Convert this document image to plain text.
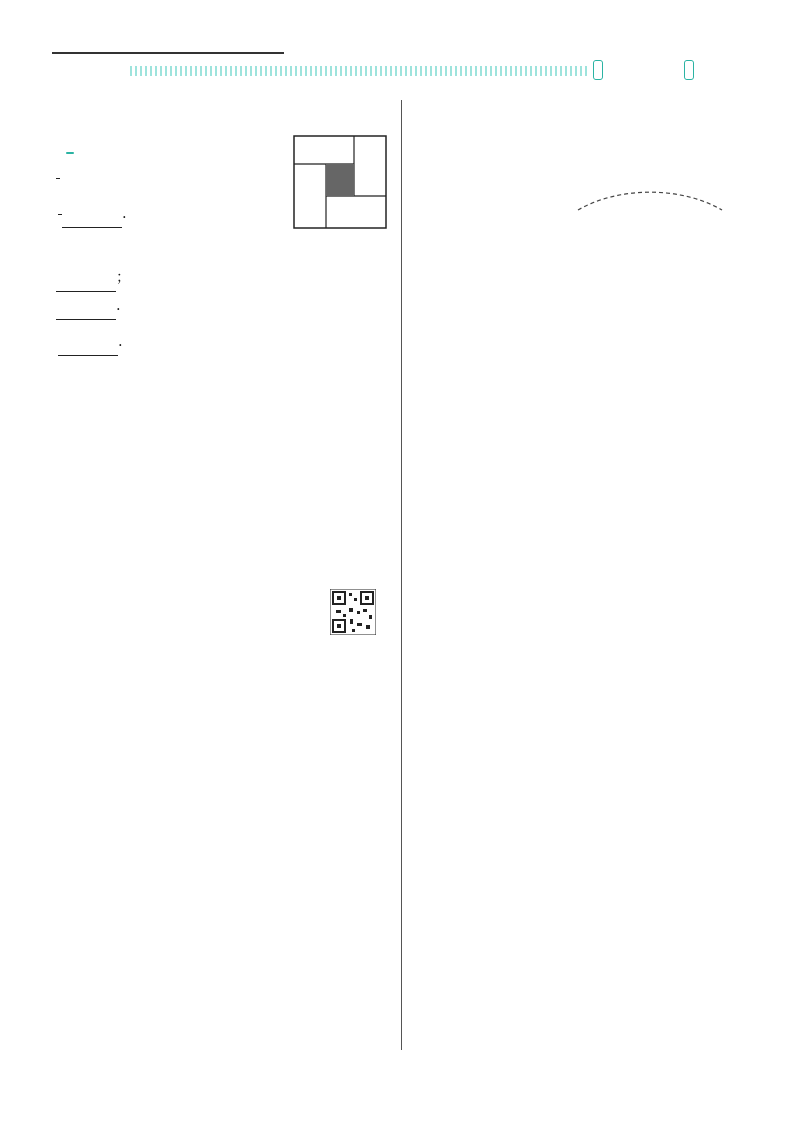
.
；
.
.
